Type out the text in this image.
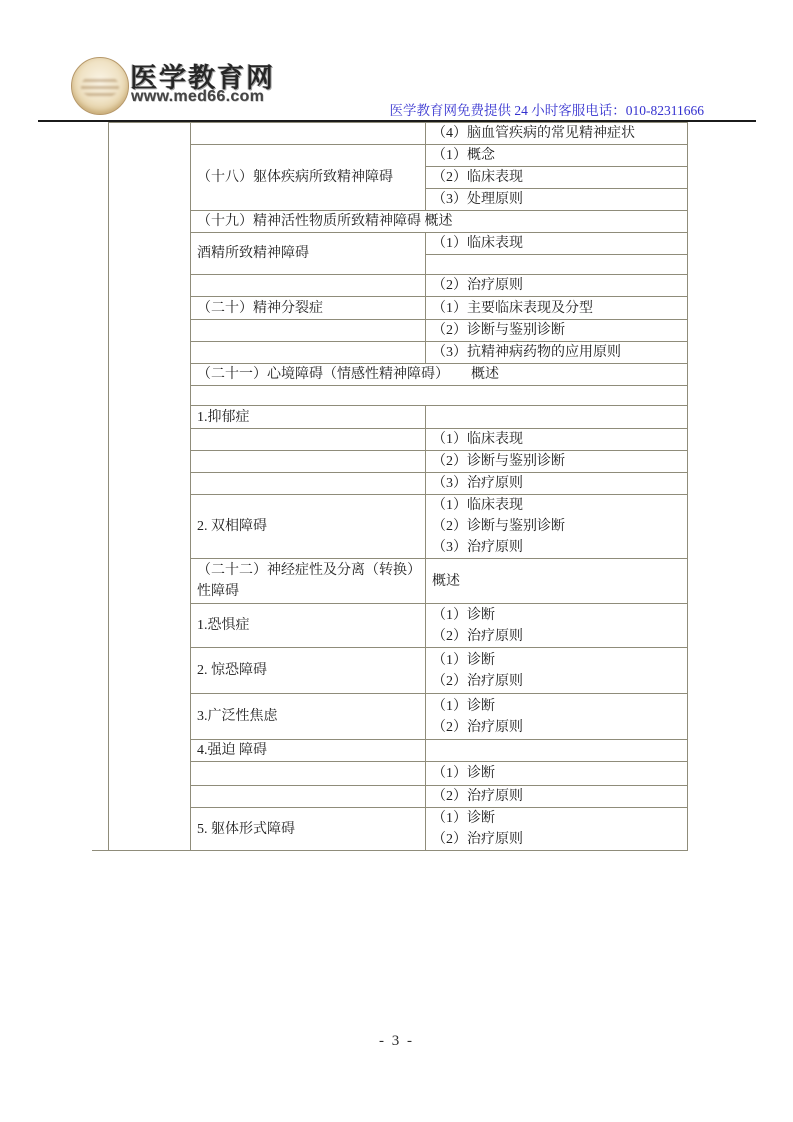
医学教育网
www.med66.com
医学教育网免费提供 24 小时客服电话：010-82311666
		（4）脑血管疾病的常见精神症状
	（十八）躯体疾病所致精神障碍	（1）概念
		（2）临床表现
		（3）处理原则
	（十九）精神活性物质所致精神障碍 概述	
	酒精所致精神障碍	（1）临床表现

		（2）治疗原则
	（二十）精神分裂症	（1）主要临床表现及分型
		（2）诊断与鉴别诊断
		（3）抗精神病药物的应用原则
	（二十一）心境障碍（情感性精神障碍） 概述	

	1.抑郁症	
		（1）临床表现
		（2）诊断与鉴别诊断
		（3）治疗原则
	2. 双相障碍	（1）临床表现
（2）诊断与鉴别诊断
（3）治疗原则

	（二十二）神经症性及分离（转换）性障碍	概述
	1.恐惧症	（1）诊断
（2）治疗原则

	2. 惊恐障碍	（1）诊断
（2）治疗原则

	3.广泛性焦虑	（1）诊断
（2）治疗原则

	4.强迫 障碍	
		（1）诊断
		（2）治疗原则
	5. 躯体形式障碍	（1）诊断
（2）治疗原则
- 3 -
